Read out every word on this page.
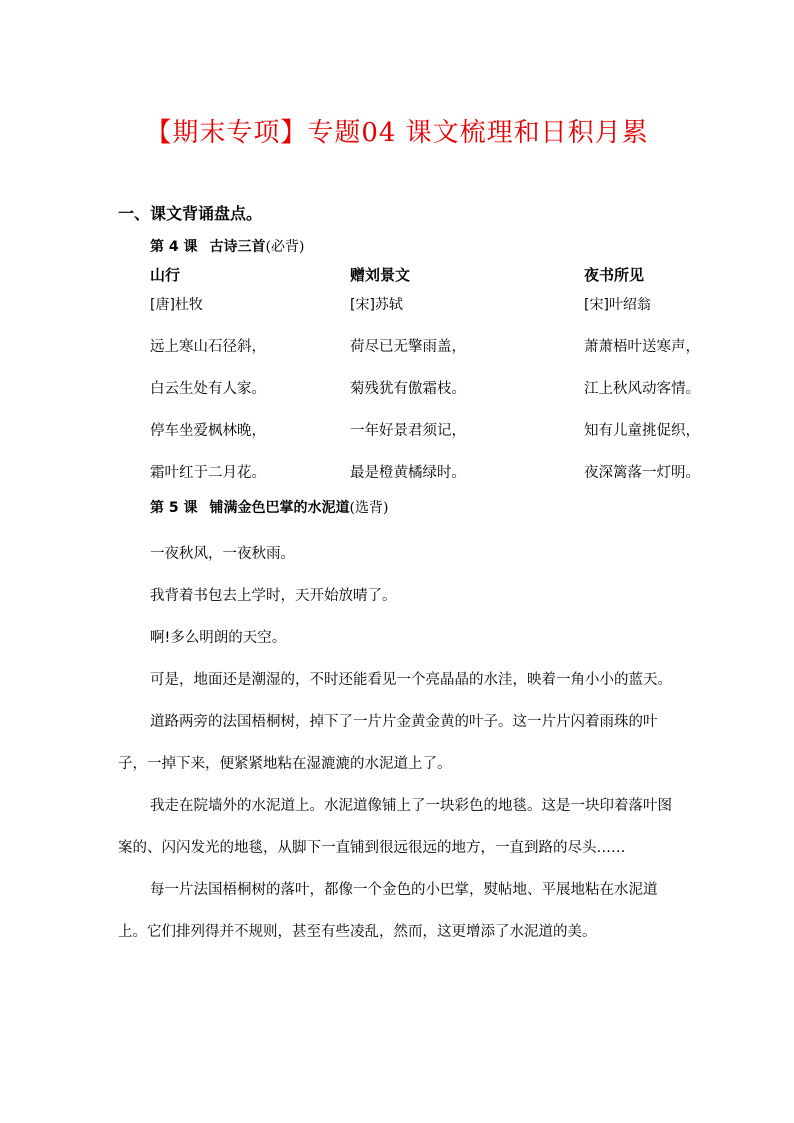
【期末专项】专题04 课文梳理和日积月累
一、课文背诵盘点。
第 4 课 古诗三首(必背)
山行
[唐]杜牧
远上寒山石径斜，
白云生处有人家。
停车坐爱枫林晚，
霜叶红于二月花。
赠刘景文
[宋]苏轼
荷尽已无擎雨盖，
菊残犹有傲霜枝。
一年好景君须记，
最是橙黄橘绿时。
夜书所见
[宋]叶绍翁
萧萧梧叶送寒声，
江上秋风动客情。
知有儿童挑促织，
夜深篱落一灯明。
第 5 课 铺满金色巴掌的水泥道(选背)

一夜秋风，一夜秋雨。

我背着书包去上学时，天开始放晴了。

啊!多么明朗的天空。

可是，地面还是潮湿的，不时还能看见一个亮晶晶的水洼，映着一角小小的蓝天。

道路两旁的法国梧桐树，掉下了一片片金黄金黄的叶子。这一片片闪着雨珠的叶子，一掉下来，便紧紧地粘在湿漉漉的水泥道上了。

我走在院墙外的水泥道上。水泥道像铺上了一块彩色的地毯。这是一块印着落叶图案的、闪闪发光的地毯，从脚下一直铺到很远很远的地方，一直到路的尽头……

每一片法国梧桐树的落叶，都像一个金色的小巴掌，熨帖地、平展地粘在水泥道上。它们排列得并不规则，甚至有些凌乱，然而，这更增添了水泥道的美。
